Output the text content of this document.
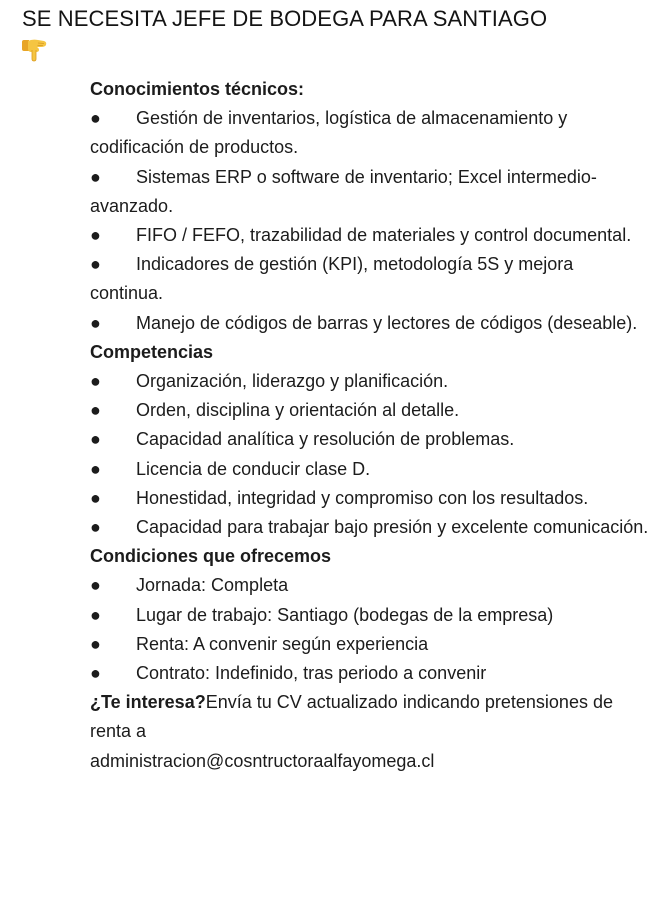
SE NECESITA JEFE DE BODEGA PARA SANTIAGO

Conocimientos técnicos:

● Gestión de inventarios, logística de almacenamiento y codificación de productos.

● Sistemas ERP o software de inventario; Excel intermedio-avanzado.

● FIFO / FEFO, trazabilidad de materiales y control documental.

● Indicadores de gestión (KPI), metodología 5S y mejora continua.

● Manejo de códigos de barras y lectores de códigos (deseable).

Competencias

● Organización, liderazgo y planificación.

● Orden, disciplina y orientación al detalle.

● Capacidad analítica y resolución de problemas.

● Licencia de conducir clase D.

● Honestidad, integridad y compromiso con los resultados.

● Capacidad para trabajar bajo presión y excelente comunicación.

Condiciones que ofrecemos

● Jornada: Completa

● Lugar de trabajo: Santiago (bodegas de la empresa)

● Renta: A convenir según experiencia

● Contrato: Indefinido, tras periodo a convenir

¿Te interesa?Envía tu CV actualizado indicando pretensiones de renta a
administracion@cosntructoraalfayomega.cl
